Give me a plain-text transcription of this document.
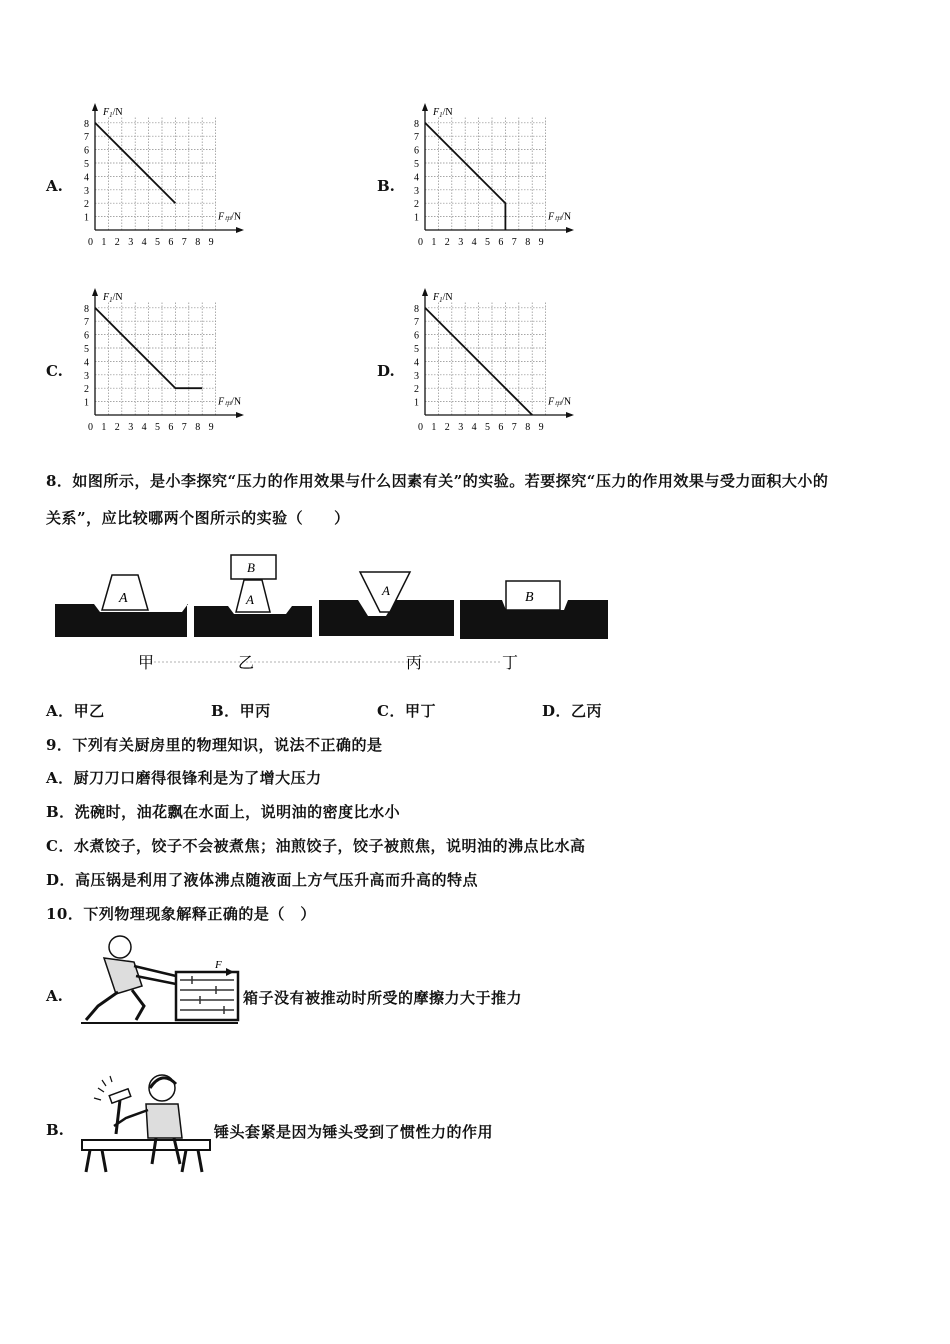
A.
1
2
3
4
5
6
7
8
0 1 2 3 4 5 6 7 8 9
$F_1/N$
$F_甲/N$
B.
1
2
3
4
5
6
7
8
0 1 2 3 4 5 6 7 8 9
$F_1/N$
$F_甲/N$
C.
1
2
3
4
5
6
7
8
0 1 2 3 4 5 6 7 8 9
$F_1/N$
$F_甲/N$
D.
1
2
3
4
5
6
7
8
0 1 2 3 4 5 6 7 8 9
$F_1/N$
$F_甲/N$
8．如图所示，是小李探究“压力的作用效果与什么因素有关”的实验。若要探究“压力的作用效果与受力面积大小的
关系”，应比较哪两个图所示的实验（　　）
A	A
B
A	B
甲	乙	丙	丁
A．甲乙	B．甲丙	C．甲丁	D．乙丙
9．下列有关厨房里的物理知识，说法不正确的是
A．厨刀刀口磨得很锋利是为了增大压力
B．洗碗时，油花飘在水面上，说明油的密度比水小
C．水煮饺子，饺子不会被煮焦；油煎饺子，饺子被煎焦，说明油的沸点比水高
D．高压锅是利用了液体沸点随液面上方气压升高而升高的特点
10．下列物理现象解释正确的是（　）
A.
F
箱子没有被推动时所受的摩擦力大于推力
B.	锤头套紧是因为锤头受到了惯性力的作用
